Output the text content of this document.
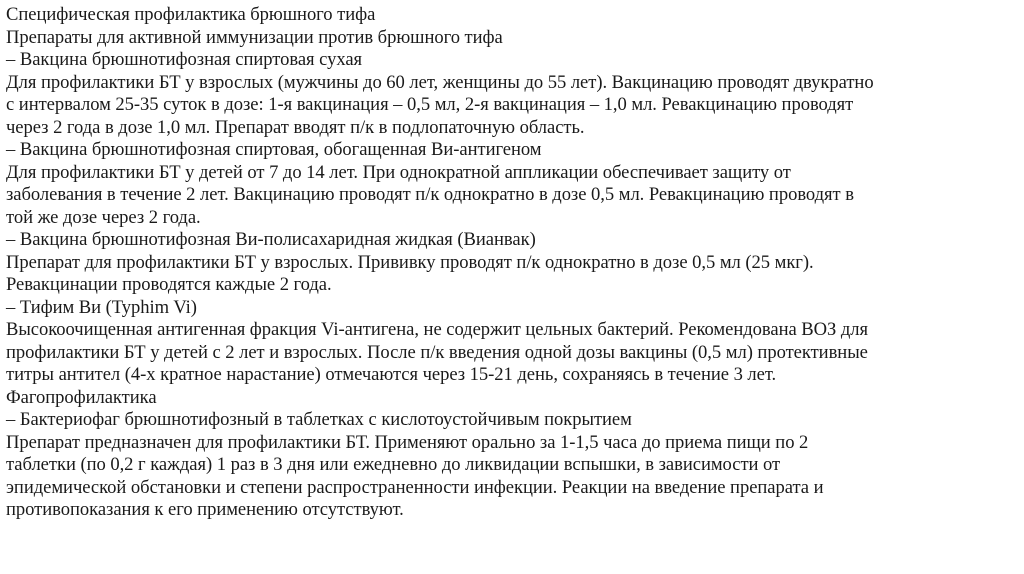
Специфическая профилактика брюшного тифа
Препараты для активной иммунизации против брюшного тифа
– Вакцина брюшнотифозная спиртовая сухая
Для профилактики БТ у взрослых (мужчины до 60 лет, женщины до 55 лет). Вакцинацию проводят двукратно
с интервалом 25-35 суток в дозе: 1-я вакцинация – 0,5 мл, 2-я вакцинация – 1,0 мл. Ревакцинацию проводят
через 2 года в дозе 1,0 мл. Препарат вводят п/к в подлопаточную область.
– Вакцина брюшнотифозная спиртовая, обогащенная Ви-антигеном
Для профилактики БТ у детей от 7 до 14 лет. При однократной аппликации обеспечивает защиту от
заболевания в течение 2 лет. Вакцинацию проводят п/к однократно в дозе 0,5 мл. Ревакцинацию проводят в
той же дозе через 2 года.
– Вакцина брюшнотифозная Ви-полисахаридная жидкая (Вианвак)
Препарат для профилактики БТ у взрослых. Прививку проводят п/к однократно в дозе 0,5 мл (25 мкг).
Ревакцинации проводятся каждые 2 года.
– Тифим Ви (Typhim Vi)
Высокоочищенная антигенная фракция Vi-антигена, не содержит цельных бактерий. Рекомендована ВОЗ для
профилактики БТ у детей с 2 лет и взрослых. После п/к введения одной дозы вакцины (0,5 мл) протективные
титры антител (4-х кратное нарастание) отмечаются через 15-21 день, сохраняясь в течение 3 лет.
Фагопрофилактика
– Бактериофаг брюшнотифозный в таблетках с кислотоустойчивым покрытием
Препарат предназначен для профилактики БТ. Применяют орально за 1-1,5 часа до приема пищи по 2
таблетки (по 0,2 г каждая) 1 раз в 3 дня или ежедневно до ликвидации вспышки, в зависимости от
эпидемической обстановки и степени распространенности инфекции. Реакции на введение препарата и
противопоказания к его применению отсутствуют.
